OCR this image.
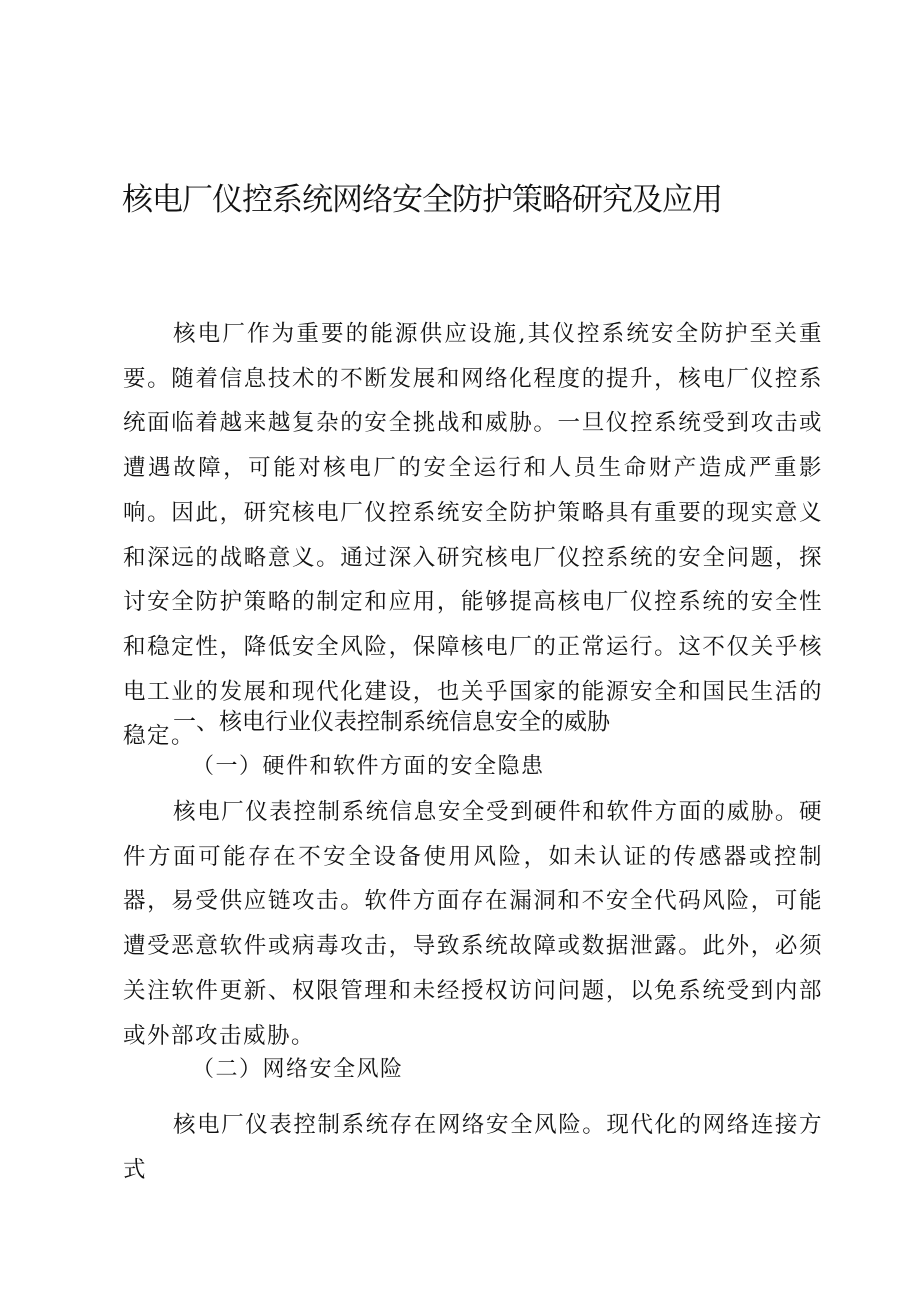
核电厂仪控系统网络安全防护策略研究及应用

核电厂作为重要的能源供应设施,其仪控系统安全防护至关重要。随着信息技术的不断发展和网络化程度的提升，核电厂仪控系统面临着越来越复杂的安全挑战和威胁。一旦仪控系统受到攻击或遭遇故障，可能对核电厂的安全运行和人员生命财产造成严重影响。因此，研究核电厂仪控系统安全防护策略具有重要的现实意义和深远的战略意义。通过深入研究核电厂仪控系统的安全问题，探讨安全防护策略的制定和应用，能够提高核电厂仪控系统的安全性和稳定性，降低安全风险，保障核电厂的正常运行。这不仅关乎核电工业的发展和现代化建设，也关乎国家的能源安全和国民生活的稳定。

一、核电行业仪表控制系统信息安全的威胁
（一）硬件和软件方面的安全隐患

核电厂仪表控制系统信息安全受到硬件和软件方面的威胁。硬件方面可能存在不安全设备使用风险，如未认证的传感器或控制器，易受供应链攻击。软件方面存在漏洞和不安全代码风险，可能遭受恶意软件或病毒攻击，导致系统故障或数据泄露。此外，必须关注软件更新、权限管理和未经授权访问问题，以免系统受到内部或外部攻击威胁。

（二）网络安全风险

核电厂仪表控制系统存在网络安全风险。现代化的网络连接方式
